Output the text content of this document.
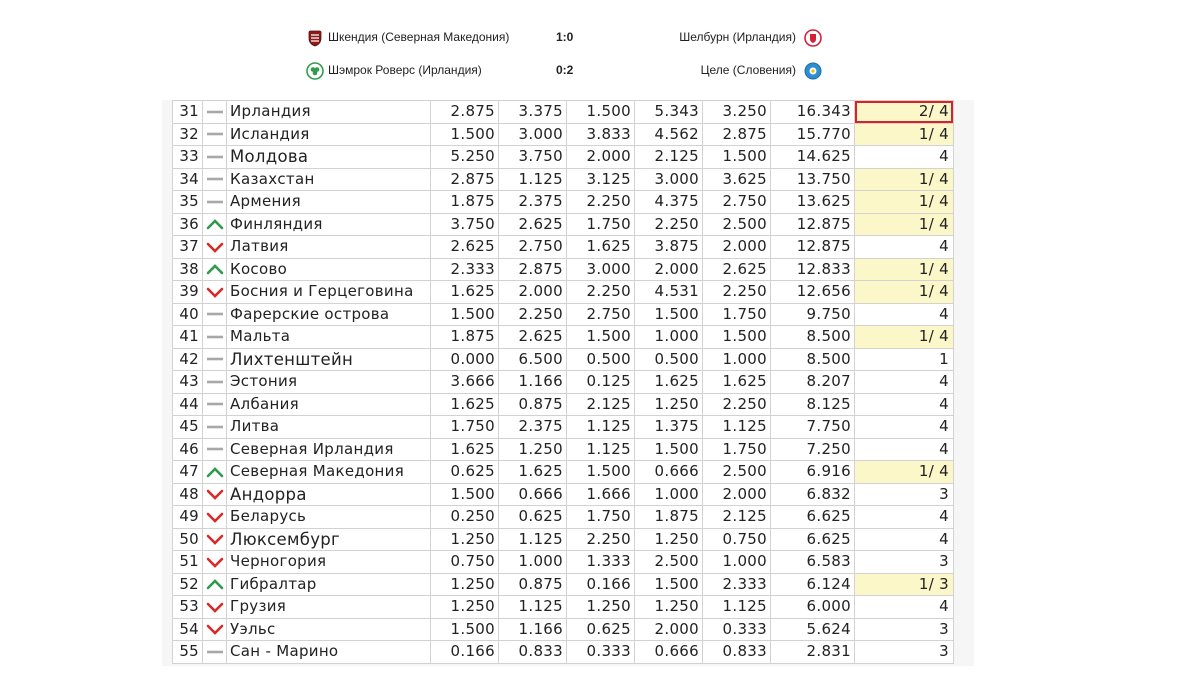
Шкендия (Северная Македония)	1:0	Шелбурн (Ирландия)
Шэмрок Роверс (Ирландия)	0:2	Целе (Словения)
31		Ирландия	2.875	3.375	1.500	5.343	3.250	16.343	2/ 4
32		Исландия	1.500	3.000	3.833	4.562	2.875	15.770	1/ 4
33		Молдова	5.250	3.750	2.000	2.125	1.500	14.625	4
34		Казахстан	2.875	1.125	3.125	3.000	3.625	13.750	1/ 4
35		Армения	1.875	2.375	2.250	4.375	2.750	13.625	1/ 4
36		Финляндия	3.750	2.625	1.750	2.250	2.500	12.875	1/ 4
37		Латвия	2.625	2.750	1.625	3.875	2.000	12.875	4
38		Косово	2.333	2.875	3.000	2.000	2.625	12.833	1/ 4
39		Босния и Герцеговина	1.625	2.000	2.250	4.531	2.250	12.656	1/ 4
40		Фарерские острова	1.500	2.250	2.750	1.500	1.750	9.750	4
41		Мальта	1.875	2.625	1.500	1.000	1.500	8.500	1/ 4
42		Лихтенштейн	0.000	6.500	0.500	0.500	1.000	8.500	1
43		Эстония	3.666	1.166	0.125	1.625	1.625	8.207	4
44		Албания	1.625	0.875	2.125	1.250	2.250	8.125	4
45		Литва	1.750	2.375	1.125	1.375	1.125	7.750	4
46		Северная Ирландия	1.625	1.250	1.125	1.500	1.750	7.250	4
47		Северная Македония	0.625	1.625	1.500	0.666	2.500	6.916	1/ 4
48		Андорра	1.500	0.666	1.666	1.000	2.000	6.832	3
49		Беларусь	0.250	0.625	1.750	1.875	2.125	6.625	4
50		Люксембург	1.250	1.125	2.250	1.250	0.750	6.625	4
51		Черногория	0.750	1.000	1.333	2.500	1.000	6.583	3
52		Гибралтар	1.250	0.875	0.166	1.500	2.333	6.124	1/ 3
53		Грузия	1.250	1.125	1.250	1.250	1.125	6.000	4
54		Уэльс	1.500	1.166	0.625	2.000	0.333	5.624	3
55		Сан - Марино	0.166	0.833	0.333	0.666	0.833	2.831	3
